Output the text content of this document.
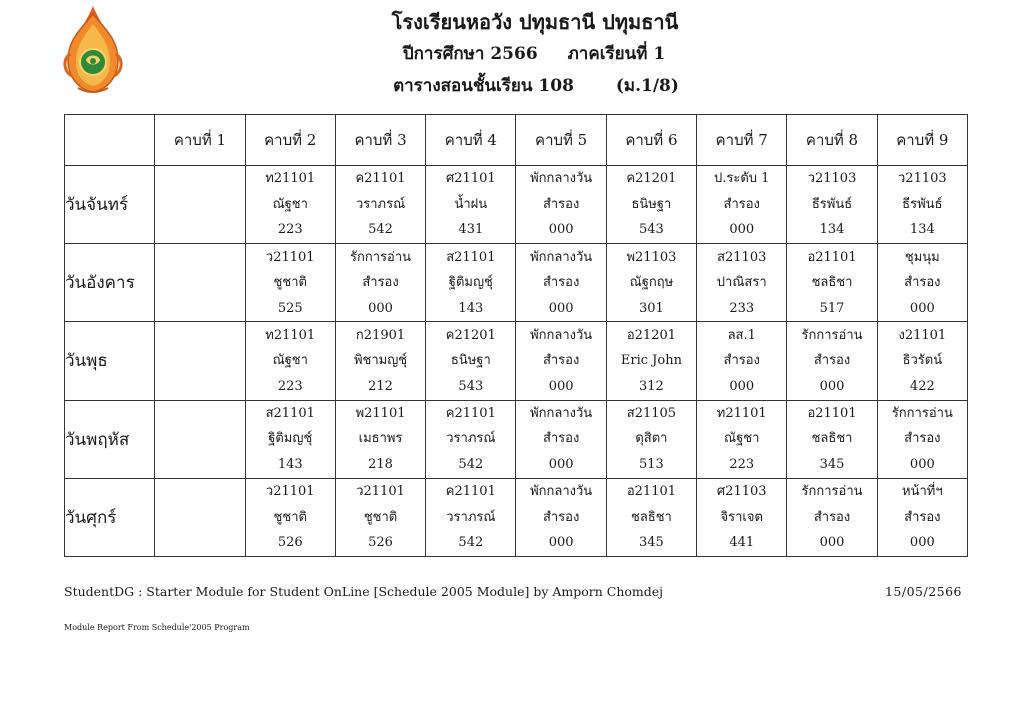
โรงเรียนหอวัง ปทุมธานี ปทุมธานี
ปีการศึกษา 2566 ภาคเรียนที่ 1
ตารางสอนชั้นเรียน 108 (ม.1/8)
	คาบที่ 1	คาบที่ 2	คาบที่ 3	คาบที่ 4	คาบที่ 5	คาบที่ 6	คาบที่ 7	คาบที่ 8	คาบที่ 9
วันจันทร์		ท21101
ณัฐชา
223	ค21101
วราภรณ์
542	ศ21101
น้ำฝน
431	พักกลางวัน
สำรอง
000	ค21201
ธนิษฐา
543	ป.ระดับ 1
สำรอง
000	ว21103
ธีรพันธ์
134	ว21103
ธีรพันธ์
134

วันอังคาร		ว21101
ชูชาติ
525	รักการอ่าน
สำรอง
000	ส21101
ฐิติมญชุ์
143	พักกลางวัน
สำรอง
000	พ21103
ณัฐกฤษ
301	ส21103
ปาณิสรา
233	อ21101
ชลธิชา
517	ชุมนุม
สำรอง
000

วันพุธ		ท21101
ณัฐชา
223	ก21901
พิชามญชุ์
212	ค21201
ธนิษฐา
543	พักกลางวัน
สำรอง
000	อ21201
Eric John
312	ลส.1
สำรอง
000	รักการอ่าน
สำรอง
000	ง21101
ธิวรัตน์
422

วันพฤหัส		ส21101
ฐิติมญชุ์
143	พ21101
เมธาพร
218	ค21101
วราภรณ์
542	พักกลางวัน
สำรอง
000	ส21105
ดุสิตา
513	ท21101
ณัฐชา
223	อ21101
ชลธิชา
345	รักการอ่าน
สำรอง
000

วันศุกร์		ว21101
ชูชาติ
526	ว21101
ชูชาติ
526	ค21101
วราภรณ์
542	พักกลางวัน
สำรอง
000	อ21101
ชลธิชา
345	ศ21103
จิราเจต
441	รักการอ่าน
สำรอง
000	หน้าที่ฯ
สำรอง
000
StudentDG : Starter Module for Student OnLine [Schedule 2005 Module] by Amporn Chomdej	15/05/2566
Module Report From Schedule'2005 Program
